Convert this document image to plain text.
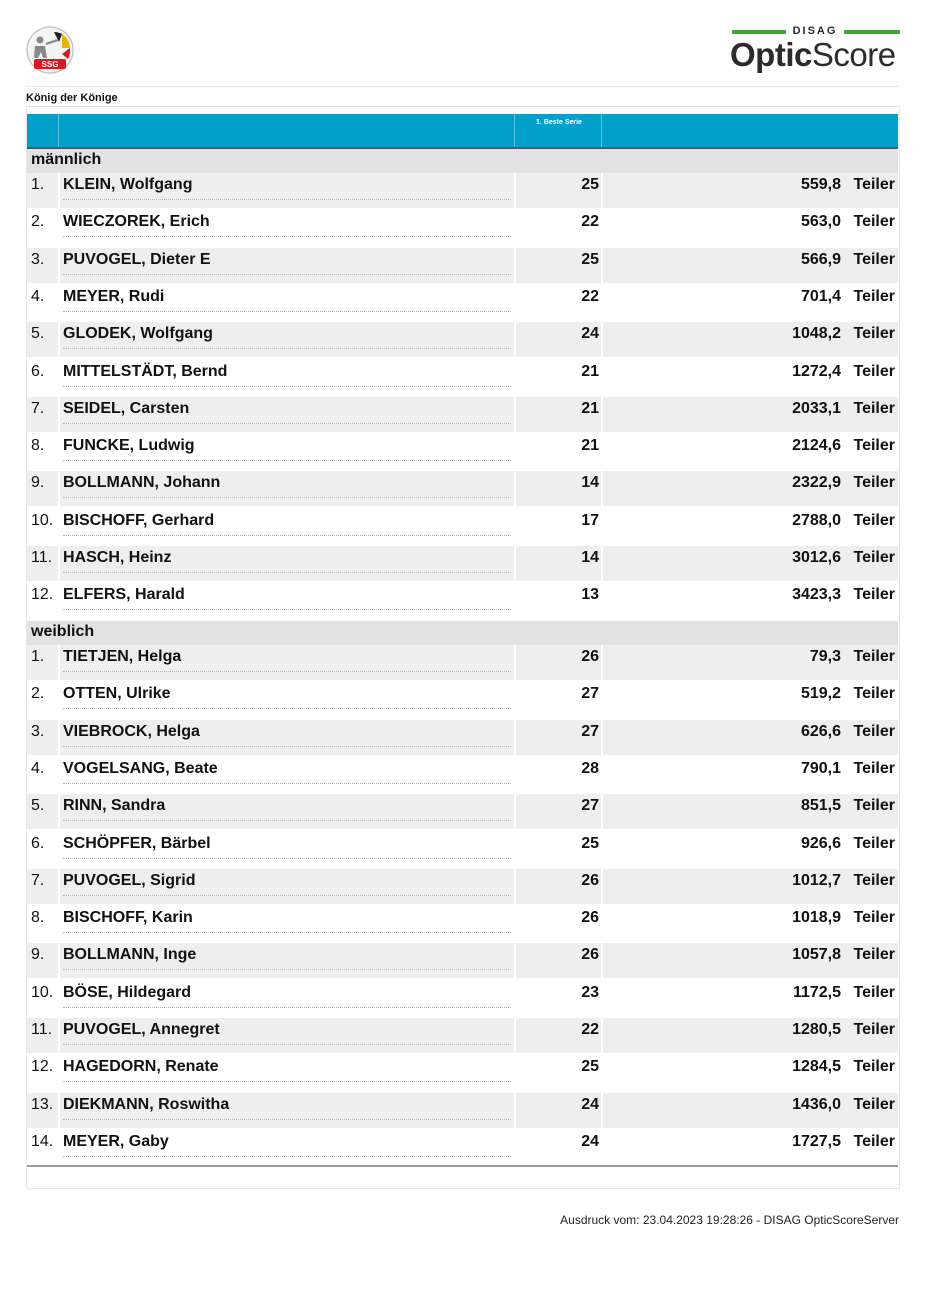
SSG
DISAG
OpticScore
König der Könige
1. Beste Serie
männlich
1. KLEIN, Wolfgang	25	559,8 Teiler
2. WIECZOREK, Erich	22	563,0 Teiler
3. PUVOGEL, Dieter E	25	566,9 Teiler
4. MEYER, Rudi	22	701,4 Teiler
5. GLODEK, Wolfgang	24	1048,2 Teiler
6. MITTELSTÄDT, Bernd	21	1272,4 Teiler
7. SEIDEL, Carsten	21	2033,1 Teiler
8. FUNCKE, Ludwig	21	2124,6 Teiler
9. BOLLMANN, Johann	14	2322,9 Teiler
10. BISCHOFF, Gerhard	17	2788,0 Teiler
11. HASCH, Heinz	14	3012,6 Teiler
12. ELFERS, Harald	13	3423,3 Teiler
weiblich
1. TIETJEN, Helga	26	79,3 Teiler
2. OTTEN, Ulrike	27	519,2 Teiler
3. VIEBROCK, Helga	27	626,6 Teiler
4. VOGELSANG, Beate	28	790,1 Teiler
5. RINN, Sandra	27	851,5 Teiler
6. SCHÖPFER, Bärbel	25	926,6 Teiler
7. PUVOGEL, Sigrid	26	1012,7 Teiler
8. BISCHOFF, Karin	26	1018,9 Teiler
9. BOLLMANN, Inge	26	1057,8 Teiler
10. BÖSE, Hildegard	23	1172,5 Teiler
11. PUVOGEL, Annegret	22	1280,5 Teiler
12. HAGEDORN, Renate	25	1284,5 Teiler
13. DIEKMANN, Roswitha	24	1436,0 Teiler
14. MEYER, Gaby	24	1727,5 Teiler
Ausdruck vom: 23.04.2023 19:28:26 - DISAG OpticScoreServer
